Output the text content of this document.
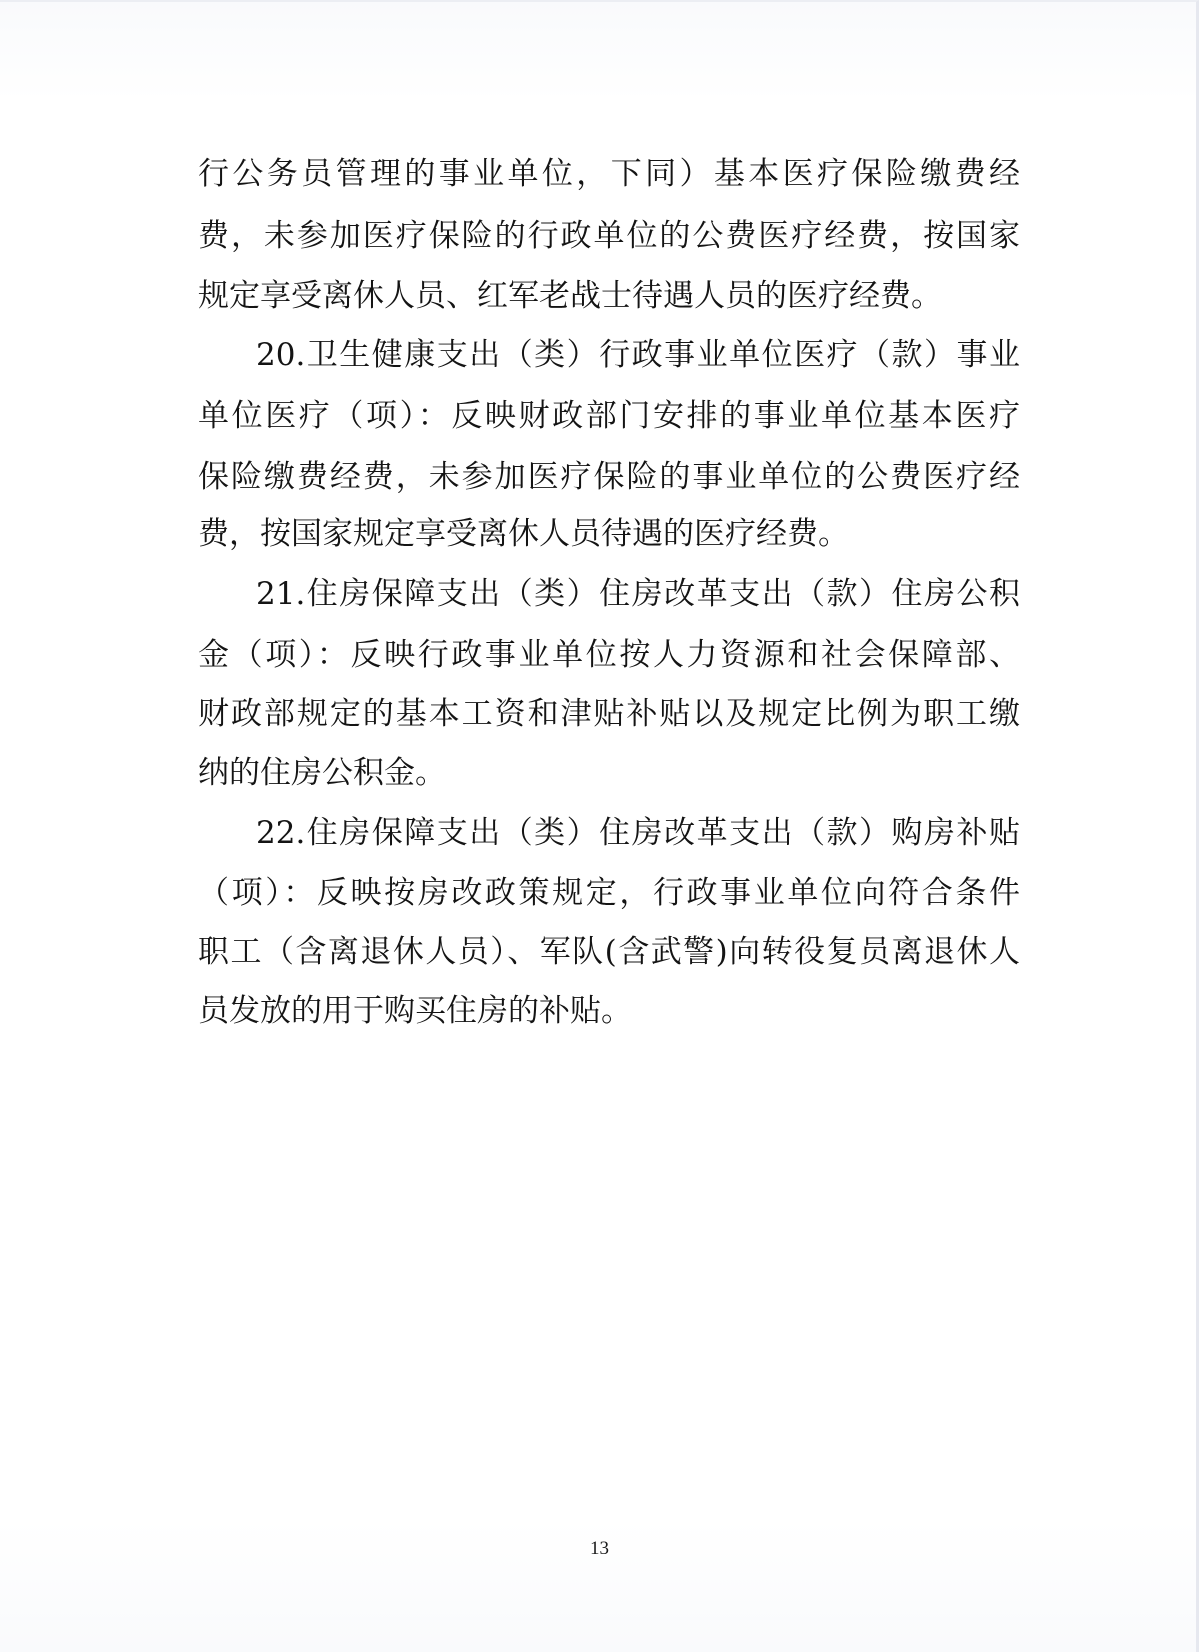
行公务员管理的事业单位，下同）基本医疗保险缴费经

费，未参加医疗保险的行政单位的公费医疗经费，按国家

规定享受离休人员、红军老战士待遇人员的医疗经费。

20.卫生健康支出（类）行政事业单位医疗（款）事业

单位医疗（项）：反映财政部门安排的事业单位基本医疗

保险缴费经费，未参加医疗保险的事业单位的公费医疗经

费，按国家规定享受离休人员待遇的医疗经费。

21.住房保障支出（类）住房改革支出（款）住房公积

金（项）：反映行政事业单位按人力资源和社会保障部、

财政部规定的基本工资和津贴补贴以及规定比例为职工缴

纳的住房公积金。

22.住房保障支出（类）住房改革支出（款）购房补贴

（项）：反映按房改政策规定，行政事业单位向符合条件

职工（含离退休人员）、军队(含武警)向转役复员离退休人

员发放的用于购买住房的补贴。

13
